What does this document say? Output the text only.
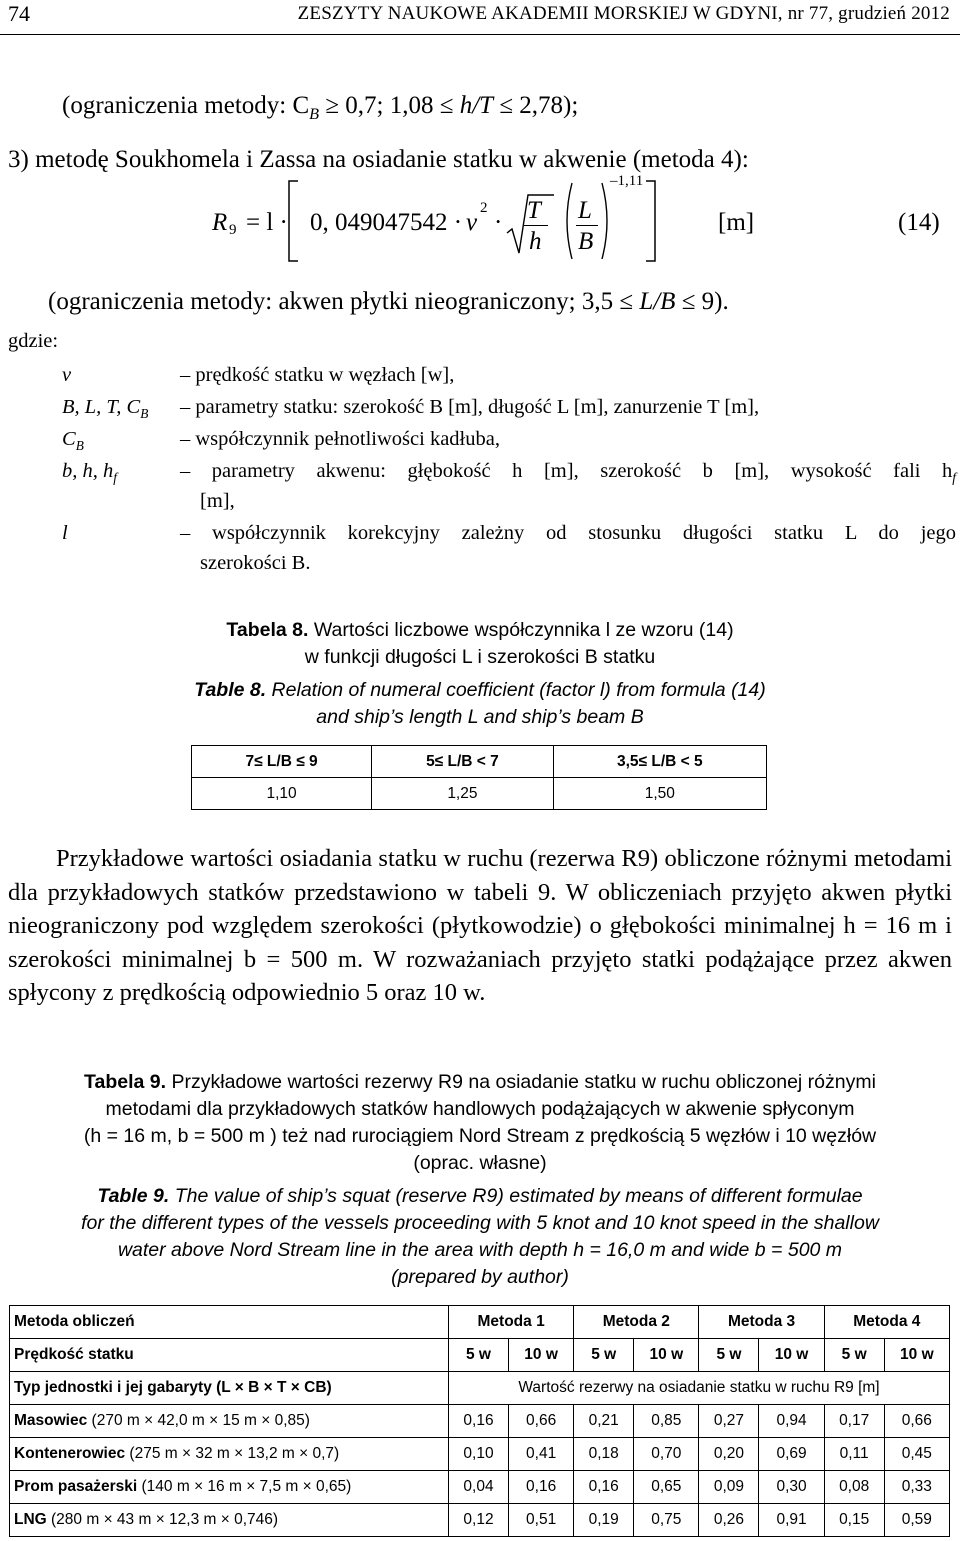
74	ZESZYTY NAUKOWE AKADEMII MORSKIEJ W GDYNI, nr 77, grudzień 2012
(ograniczenia metody: $C_B \ge 0,7$; 1,08 ≤ h/T ≤ 2,78);
3) metodę Soukhomela i Zassa na osiadanie statku w akwenie (metoda 4):
R 9 = l · 0, 049047542 · v
2
· T
h
L
B
–1,11
[m]	(14)
(ograniczenia metody: akwen płytki nieograniczony; 3,5 ≤ L/B ≤ 9).
gdzie:
v	– prędkość statku w węzłach [w],
B, L, T, $C_B$ – parametry statku: szerokość B [m], długość L [m], zanurzenie T [m],
$C_B$	– współczynnik pełnotliwości kadłuba,
b, h, $h_f$	– parametry akwenu: głębokość h [m], szerokość b [m], wysokość fali $h_f$
[m],
l	– współczynnik korekcyjny zależny od stosunku długości statku L do jego
szerokości B.
Tabela 8. Wartości liczbowe współczynnika l ze wzoru (14)
w funkcji długości L i szerokości B statku
Table 8. Relation of numeral coefficient (factor l) from formula (14)
and ship’s length L and ship’s beam B
7≤ L/B ≤ 9	5≤ L/B < 7	3,5≤ L/B < 5
1,10	1,25	1,50
Przykładowe wartości osiadania statku w ruchu (rezerwa R9) obliczone różnymi metodami dla przykładowych statków przedstawiono w tabeli 9. W obliczeniach przyjęto akwen płytki nieograniczony pod względem szerokości (płytkowodzie) o głębokości minimalnej h = 16 m i szerokości minimalnej b = 500 m. W rozważaniach przyjęto statki podążające przez akwen spłycony z prędkością odpowiednio 5 oraz 10 w.
Tabela 9. Przykładowe wartości rezerwy R9 na osiadanie statku w ruchu obliczonej różnymi
metodami dla przykładowych statków handlowych podążających w akwenie spłyconym
(h = 16 m, b = 500 m ) też nad rurociągiem Nord Stream z prędkością 5 węzłów i 10 węzłów
(oprac. własne)
Table 9. The value of ship’s squat (reserve R9) estimated by means of different formulae
for the different types of the vessels proceeding with 5 knot and 10 knot speed in the shallow
water above Nord Stream line in the area with depth h = 16,0 m and wide b = 500 m
(prepared by author)
Metoda obliczeń	Metoda 1		Metoda 2		Metoda 3		Metoda 4	
Prędkość statku	5 w	10 w	5 w	10 w	5 w	10 w	5 w	10 w
Typ jednostki i jej gabaryty (L × B × T × CB)	Wartość rezerwy na osiadanie statku w ruchu R9 [m]							
Masowiec (270 m × 42,0 m × 15 m × 0,85)	0,16	0,66	0,21	0,85	0,27	0,94	0,17	0,66
Kontenerowiec (275 m × 32 m × 13,2 m × 0,7)	0,10	0,41	0,18	0,70	0,20	0,69	0,11	0,45
Prom pasażerski (140 m × 16 m × 7,5 m × 0,65)	0,04	0,16	0,16	0,65	0,09	0,30	0,08	0,33
LNG (280 m × 43 m × 12,3 m × 0,746)	0,12	0,51	0,19	0,75	0,26	0,91	0,15	0,59
